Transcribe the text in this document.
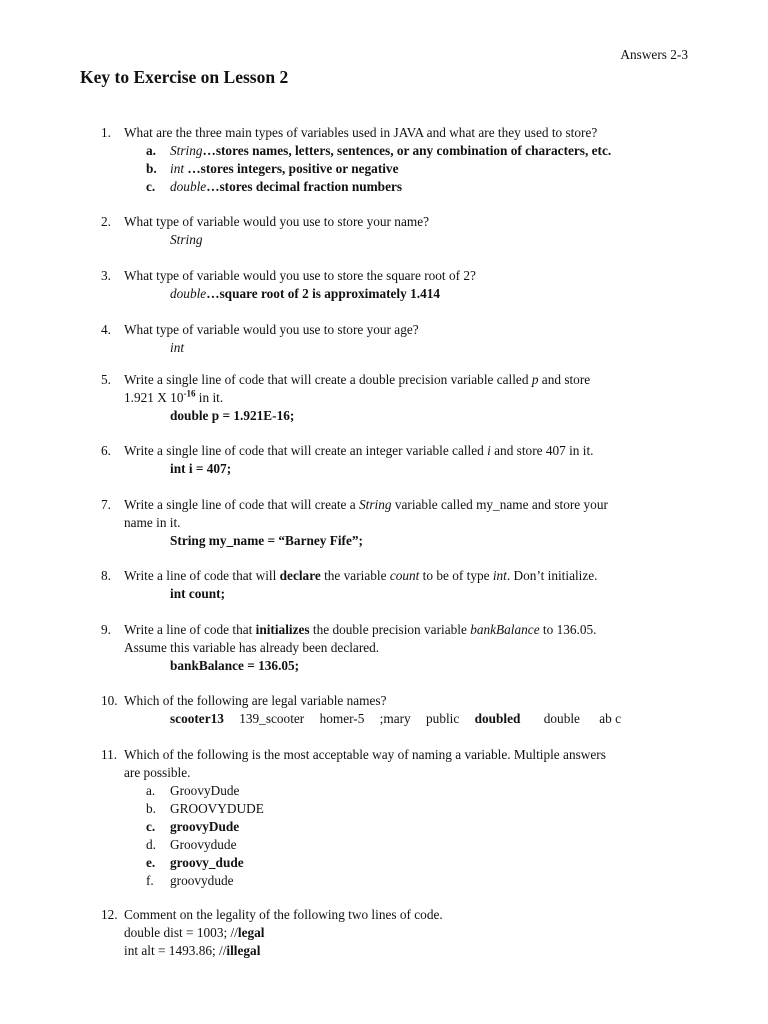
Answers 2-3
Key to Exercise on Lesson 2
1. What are the three main types of variables used in JAVA and what are they used to store?
a. String…stores names, letters, sentences, or any combination of characters, etc.
b. int …stores integers, positive or negative
c. double…stores decimal fraction numbers
2. What type of variable would you use to store your name?
String
3. What type of variable would you use to store the square root of 2?
double…square root of 2 is approximately 1.414
4. What type of variable would you use to store your age?
int
5. Write a single line of code that will create a double precision variable called p and store
1.921 X $10^{-16}$ in it.
double p = 1.921E-16;
6. Write a single line of code that will create an integer variable called i and store 407 in it.
int i = 407;
7. Write a single line of code that will create a String variable called my_name and store your
name in it.
String my_name = “Barney Fife”;
8. Write a line of code that will declare the variable count to be of type int. Don’t initialize.
int count;
9. Write a line of code that initializes the double precision variable bankBalance to 136.05.
Assume this variable has already been declared.
bankBalance = 136.05;
10. Which of the following are legal variable names?
scooter13 139_scooter homer-5 ;mary public doubled double ab c
11. Which of the following is the most acceptable way of naming a variable. Multiple answers
are possible.
a. GroovyDude
b. GROOVYDUDE
c. groovyDude
d. Groovydude
e. groovy_dude
f. groovydude
12. Comment on the legality of the following two lines of code.
double dist = 1003; //legal
int alt = 1493.86; //illegal
